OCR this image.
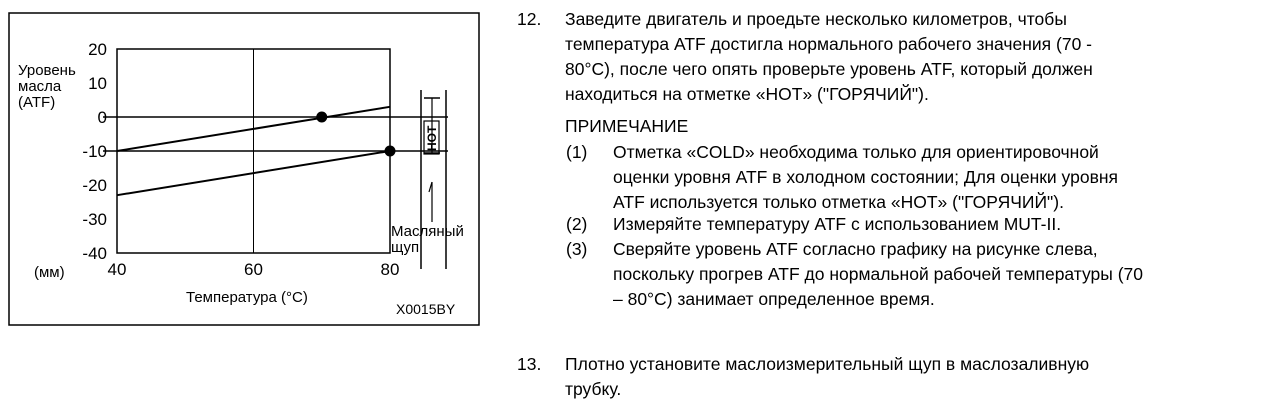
40	60	80
20
10
0
-10
-20
-30
-40
Уровень
масла
(ATF)
(мм)
Температура (°C)
X0015BY
HOT
Масляный
щуп
12. Заведите двигатель и проедьте несколько километров, чтобы
температура ATF достигла нормального рабочего значения (70 -
80°C), после чего опять проверьте уровень ATF, который должен
находиться на отметке «HOT» ("ГОРЯЧИЙ").
ПРИМЕЧАНИЕ
(1) Отметка «COLD» необходима только для ориентировочной
оценки уровня ATF в холодном состоянии; Для оценки уровня
ATF используется только отметка «HOT» ("ГОРЯЧИЙ").
(2) Измеряйте температуру ATF с использованием MUT-II.
(3) Сверяйте уровень ATF согласно графику на рисунке слева,
поскольку прогрев ATF до нормальной рабочей температуры (70
– 80°C) занимает определенное время.
13. Плотно установите маслоизмерительный щуп в маслозаливную
трубку.
